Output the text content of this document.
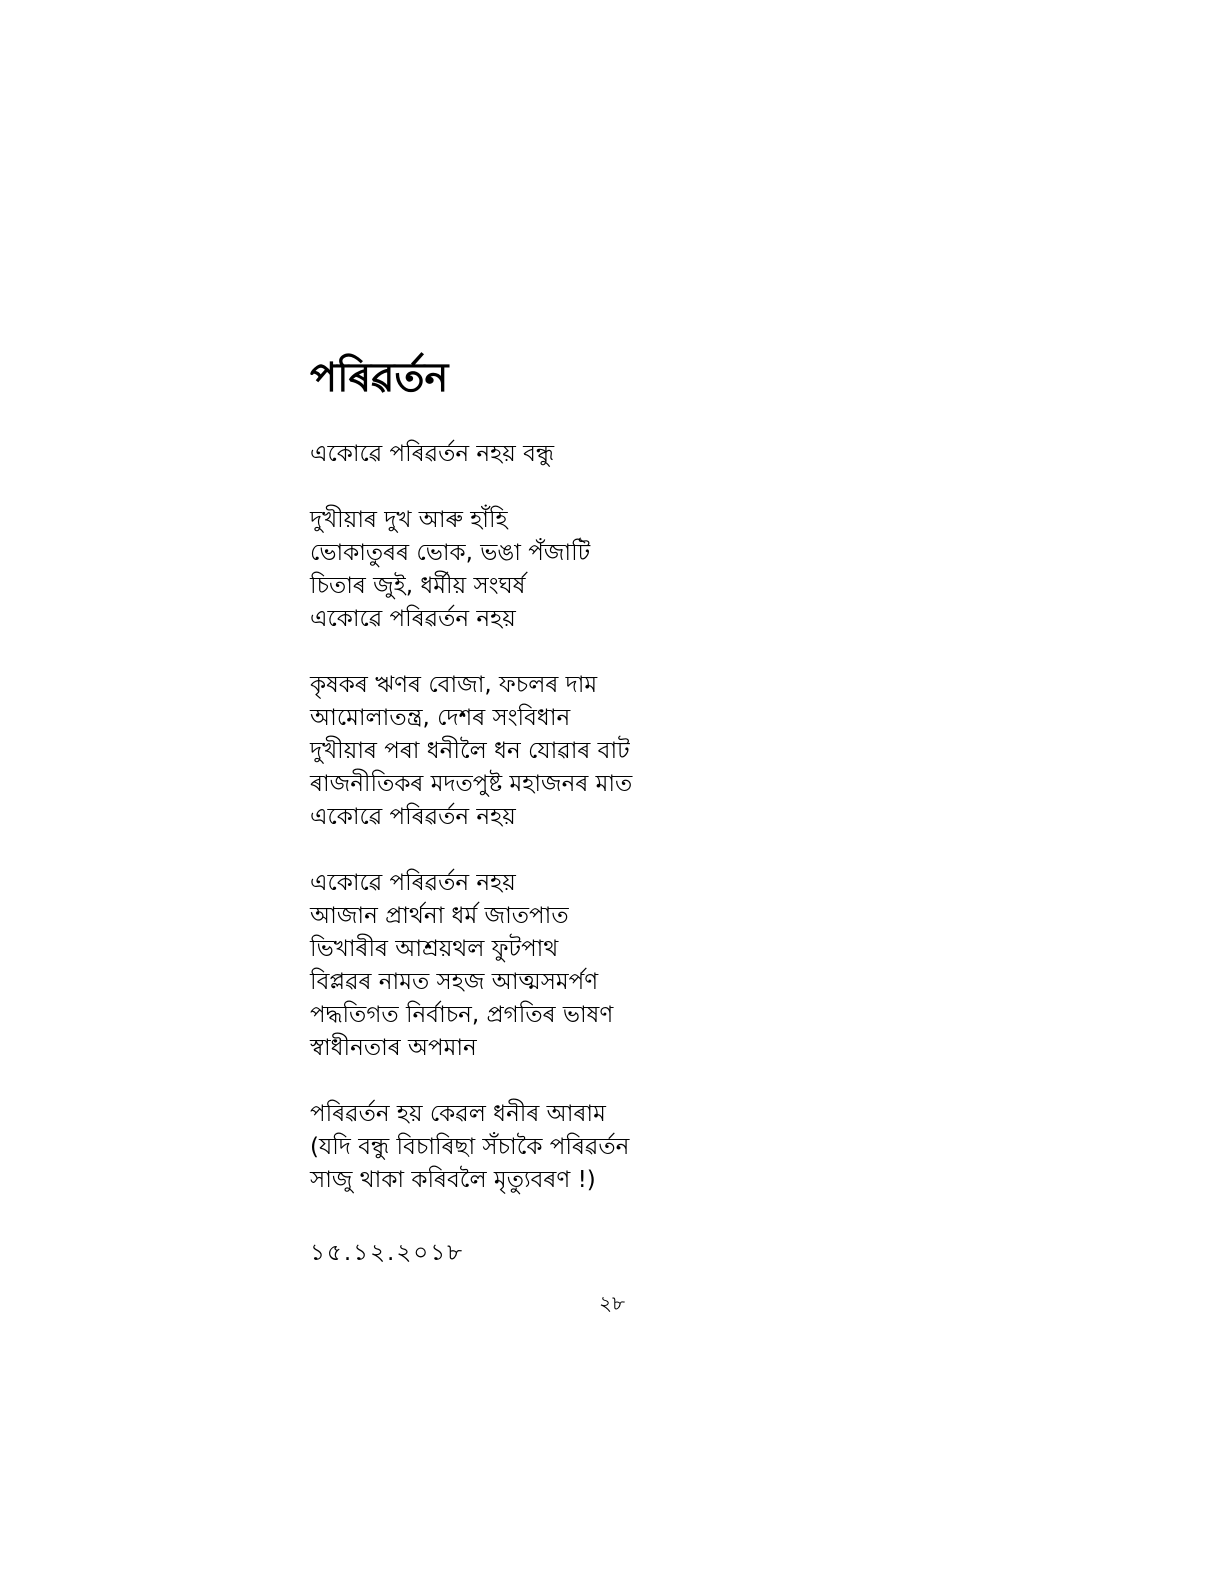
পৰিৱৰ্তন
একোৱে পৰিৱৰ্তন নহয় বন্ধু
দুখীয়াৰ দুখ আৰু হাঁহি
ভোকাতুৰৰ ভোক, ভঙা পঁজাটি
চিতাৰ জুই, ধৰ্মীয় সংঘৰ্ষ
একোৱে পৰিৱৰ্তন নহয়
কৃষকৰ ঋণৰ বোজা, ফচলৰ দাম
আমোলাতন্ত্ৰ, দেশৰ সংবিধান
দুখীয়াৰ পৰা ধনীলৈ ধন যোৱাৰ বাট
ৰাজনীতিকৰ মদতপুষ্ট মহাজনৰ মাত
একোৱে পৰিৱৰ্তন নহয়
একোৱে পৰিৱৰ্তন নহয়
আজান প্ৰাৰ্থনা ধৰ্ম জাতপাত
ভিখাৰীৰ আশ্ৰয়থল ফুটপাথ
বিপ্লৱৰ নামত সহজ আত্মসমৰ্পণ
পদ্ধতিগত নিৰ্বাচন, প্ৰগতিৰ ভাষণ
স্বাধীনতাৰ অপমান
পৰিৱৰ্তন হয় কেৱল ধনীৰ আৰাম
(যদি বন্ধু বিচাৰিছা সঁচাকৈ পৰিৱৰ্তন
সাজু থাকা কৰিবলৈ মৃত্যুবৰণ !)
১৫.১২.২০১৮
২৮
